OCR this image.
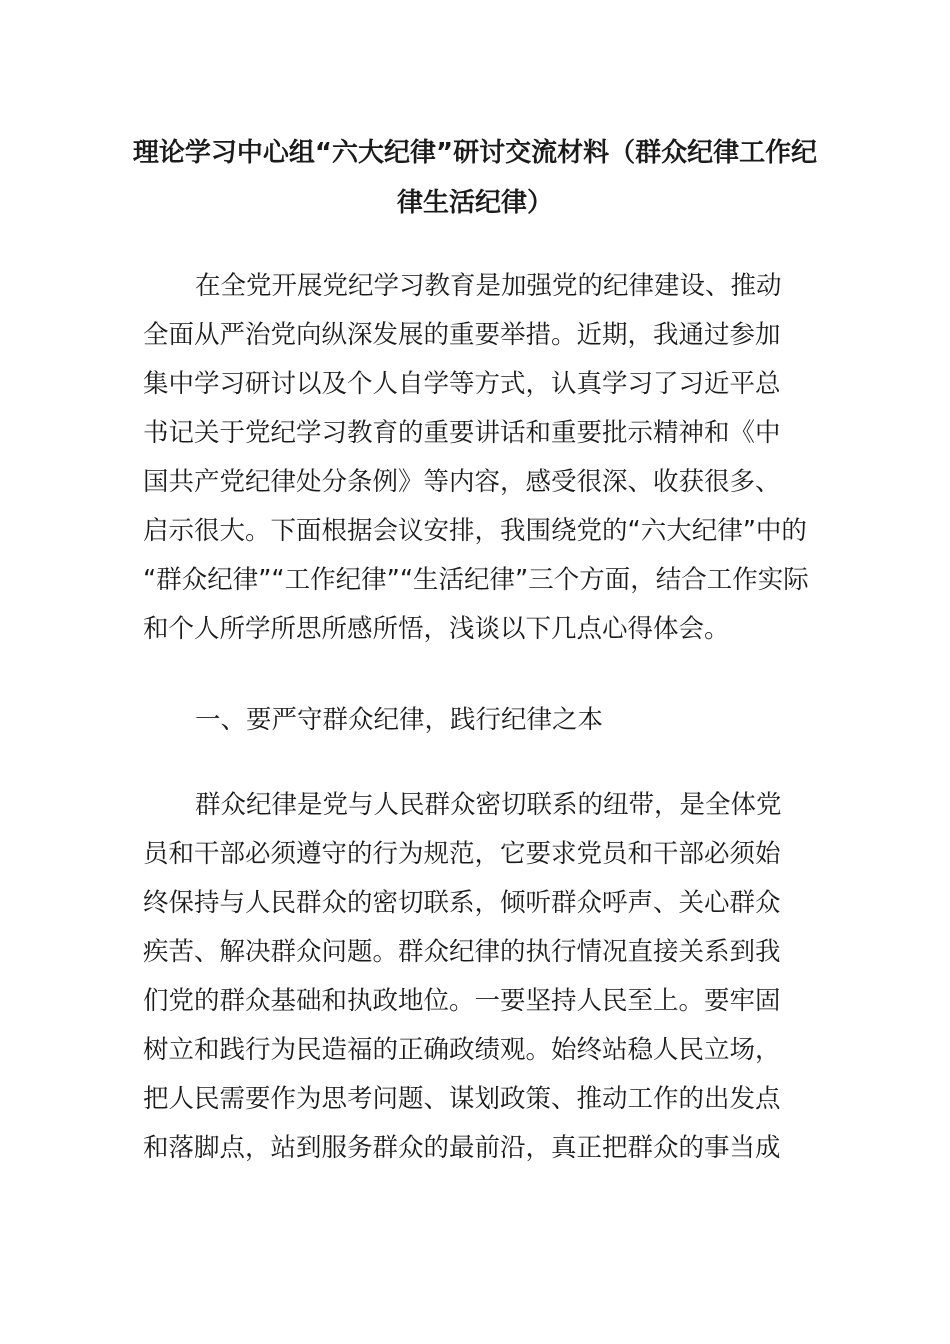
理论学习中心组“六大纪律”研讨交流材料（群众纪律工作纪
律生活纪律）
在全党开展党纪学习教育是加强党的纪律建设、推动
全面从严治党向纵深发展的重要举措。近期，我通过参加
集中学习研讨以及个人自学等方式，认真学习了习近平总
书记关于党纪学习教育的重要讲话和重要批示精神和《中
国共产党纪律处分条例》等内容，感受很深、收获很多、
启示很大。下面根据会议安排，我围绕党的“六大纪律”中的
“群众纪律”“工作纪律”“生活纪律”三个方面，结合工作实际
和个人所学所思所感所悟，浅谈以下几点心得体会。
一、要严守群众纪律，践行纪律之本
群众纪律是党与人民群众密切联系的纽带，是全体党
员和干部必须遵守的行为规范，它要求党员和干部必须始
终保持与人民群众的密切联系，倾听群众呼声、关心群众
疾苦、解决群众问题。群众纪律的执行情况直接关系到我
们党的群众基础和执政地位。一要坚持人民至上。要牢固
树立和践行为民造福的正确政绩观。始终站稳人民立场，
把人民需要作为思考问题、谋划政策、推动工作的出发点
和落脚点，站到服务群众的最前沿，真正把群众的事当成
